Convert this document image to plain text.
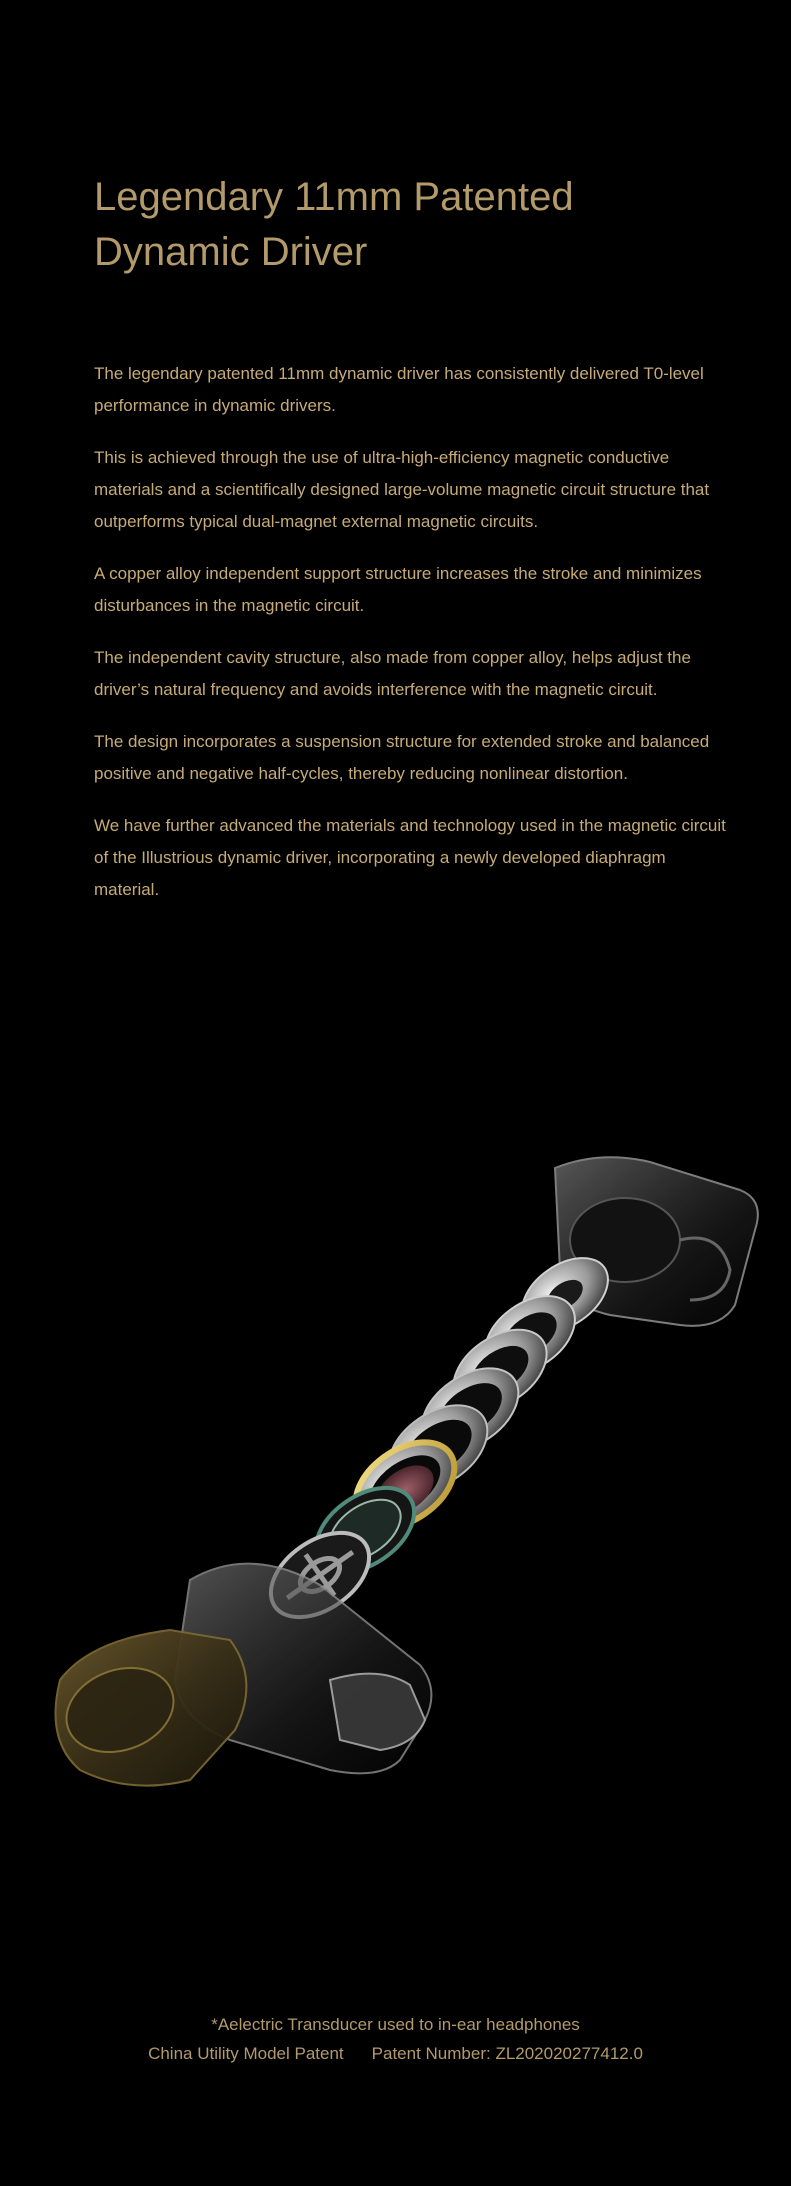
Legendary 11mm Patented
Dynamic Driver

The legendary patented 11mm dynamic driver has consistently delivered T0-level performance in dynamic drivers.

This is achieved through the use of ultra-high-efficiency magnetic conductive materials and a scientifically designed large-volume magnetic circuit structure that outperforms typical dual-magnet external magnetic circuits.

A copper alloy independent support structure increases the stroke and minimizes disturbances in the magnetic circuit.

The independent cavity structure, also made from copper alloy, helps adjust the driver’s natural frequency and avoids interference with the magnetic circuit.

The design incorporates a suspension structure for extended stroke and balanced positive and negative half-cycles, thereby reducing nonlinear distortion.

We have further advanced the materials and technology used in the magnetic circuit of the Illustrious dynamic driver, incorporating a newly developed diaphragm material.

*Aelectric Transducer used to in-ear headphones
China Utility Model Patent Patent Number: ZL202020277412.0
